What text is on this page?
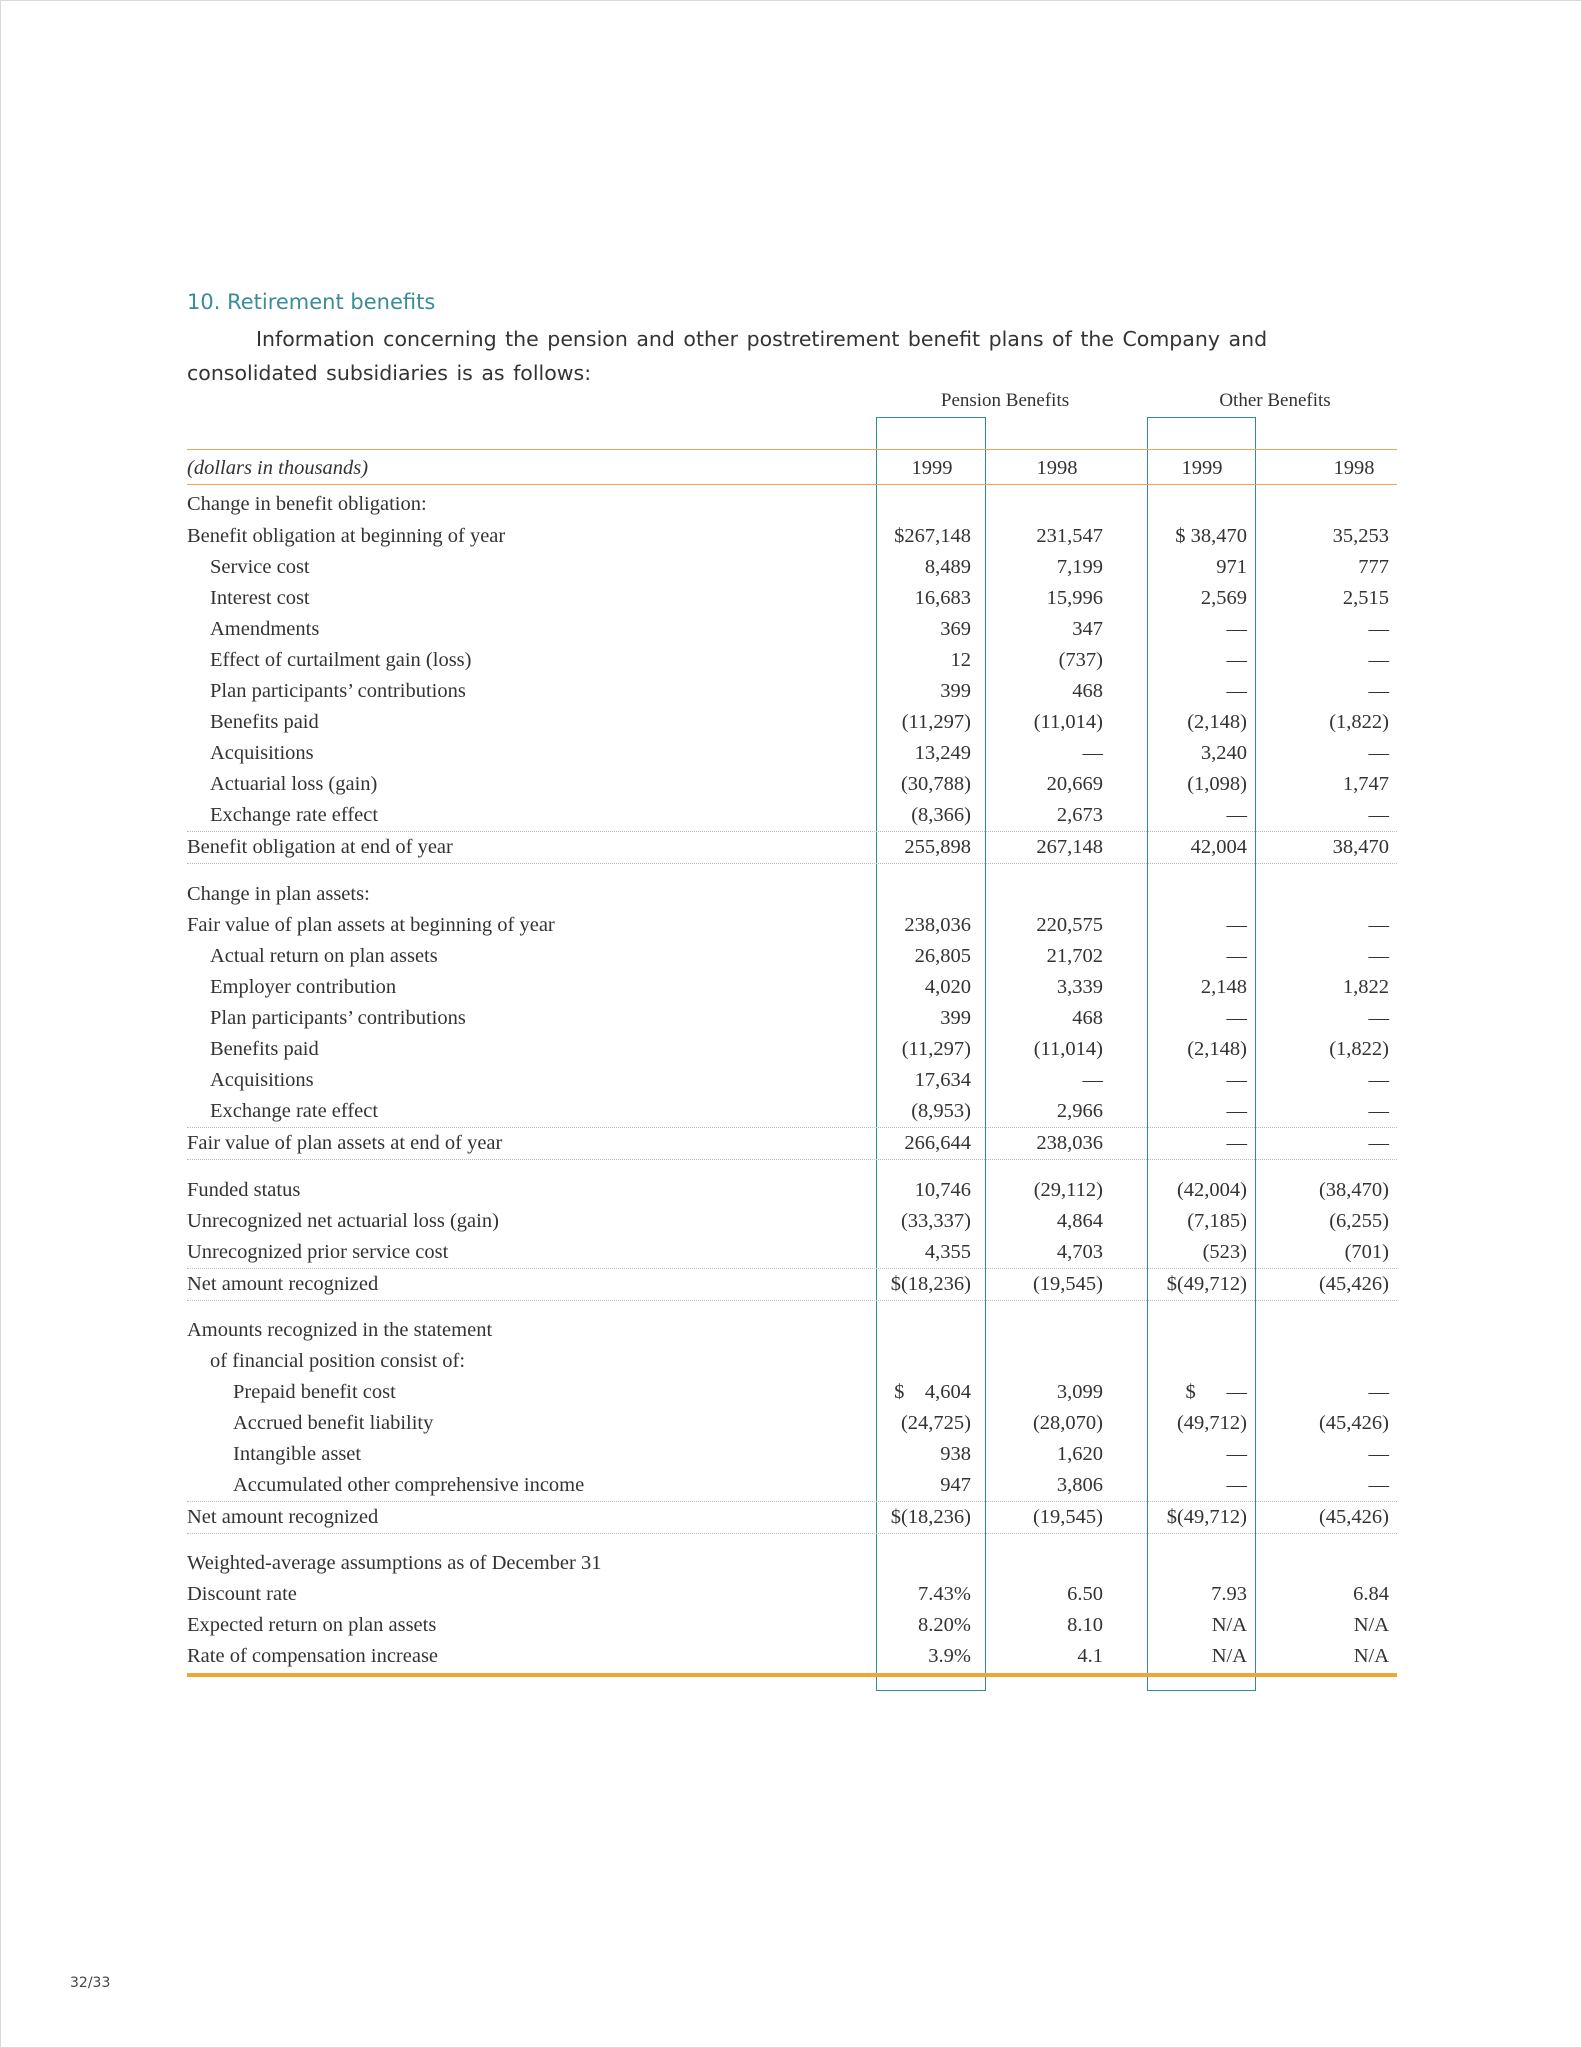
10. Retirement benefits
Information concerning the pension and other postretirement benefit plans of the Company and consolidated subsidiaries is as follows:
Pension Benefits	Other Benefits
(dollars in thousands)	1999	1998	1999	1998
Change in benefit obligation:
Benefit obligation at beginning of year	$267,148	231,547	$ 38,470	35,253
Service cost	8,489	7,199	971	777
Interest cost	16,683	15,996	2,569	2,515
Amendments	369	347	—	—
Effect of curtailment gain (loss)	12	(737)	—	—
Plan participants’ contributions	399	468	—	—
Benefits paid	(11,297)	(11,014)	(2,148)	(1,822)
Acquisitions	13,249	—	3,240	—
Actuarial loss (gain)	(30,788)	20,669	(1,098)	1,747
Exchange rate effect	(8,366)	2,673	—	—
Benefit obligation at end of year	255,898	267,148	42,004	38,470
Change in plan assets:
Fair value of plan assets at beginning of year	238,036	220,575	—	—
Actual return on plan assets	26,805	21,702	—	—
Employer contribution	4,020	3,339	2,148	1,822
Plan participants’ contributions	399	468	—	—
Benefits paid	(11,297)	(11,014)	(2,148)	(1,822)
Acquisitions	17,634	—	—	—
Exchange rate effect	(8,953)	2,966	—	—
Fair value of plan assets at end of year	266,644	238,036	—	—
Funded status	10,746	(29,112)	(42,004)	(38,470)
Unrecognized net actuarial loss (gain)	(33,337)	4,864	(7,185)	(6,255)
Unrecognized prior service cost	4,355	4,703	(523)	(701)
Net amount recognized	$(18,236)	(19,545)	$(49,712)	(45,426)
Amounts recognized in the statement
of financial position consist of:
Prepaid benefit cost	$    4,604	3,099	$      —	—
Accrued benefit liability	(24,725)	(28,070)	(49,712)	(45,426)
Intangible asset	938	1,620	—	—
Accumulated other comprehensive income	947	3,806	—	—
Net amount recognized	$(18,236)	(19,545)	$(49,712)	(45,426)
Weighted-average assumptions as of December 31
Discount rate	7.43%	6.50	7.93	6.84
Expected return on plan assets	8.20%	8.10	N/A	N/A
Rate of compensation increase	3.9%	4.1	N/A	N/A
32/33
